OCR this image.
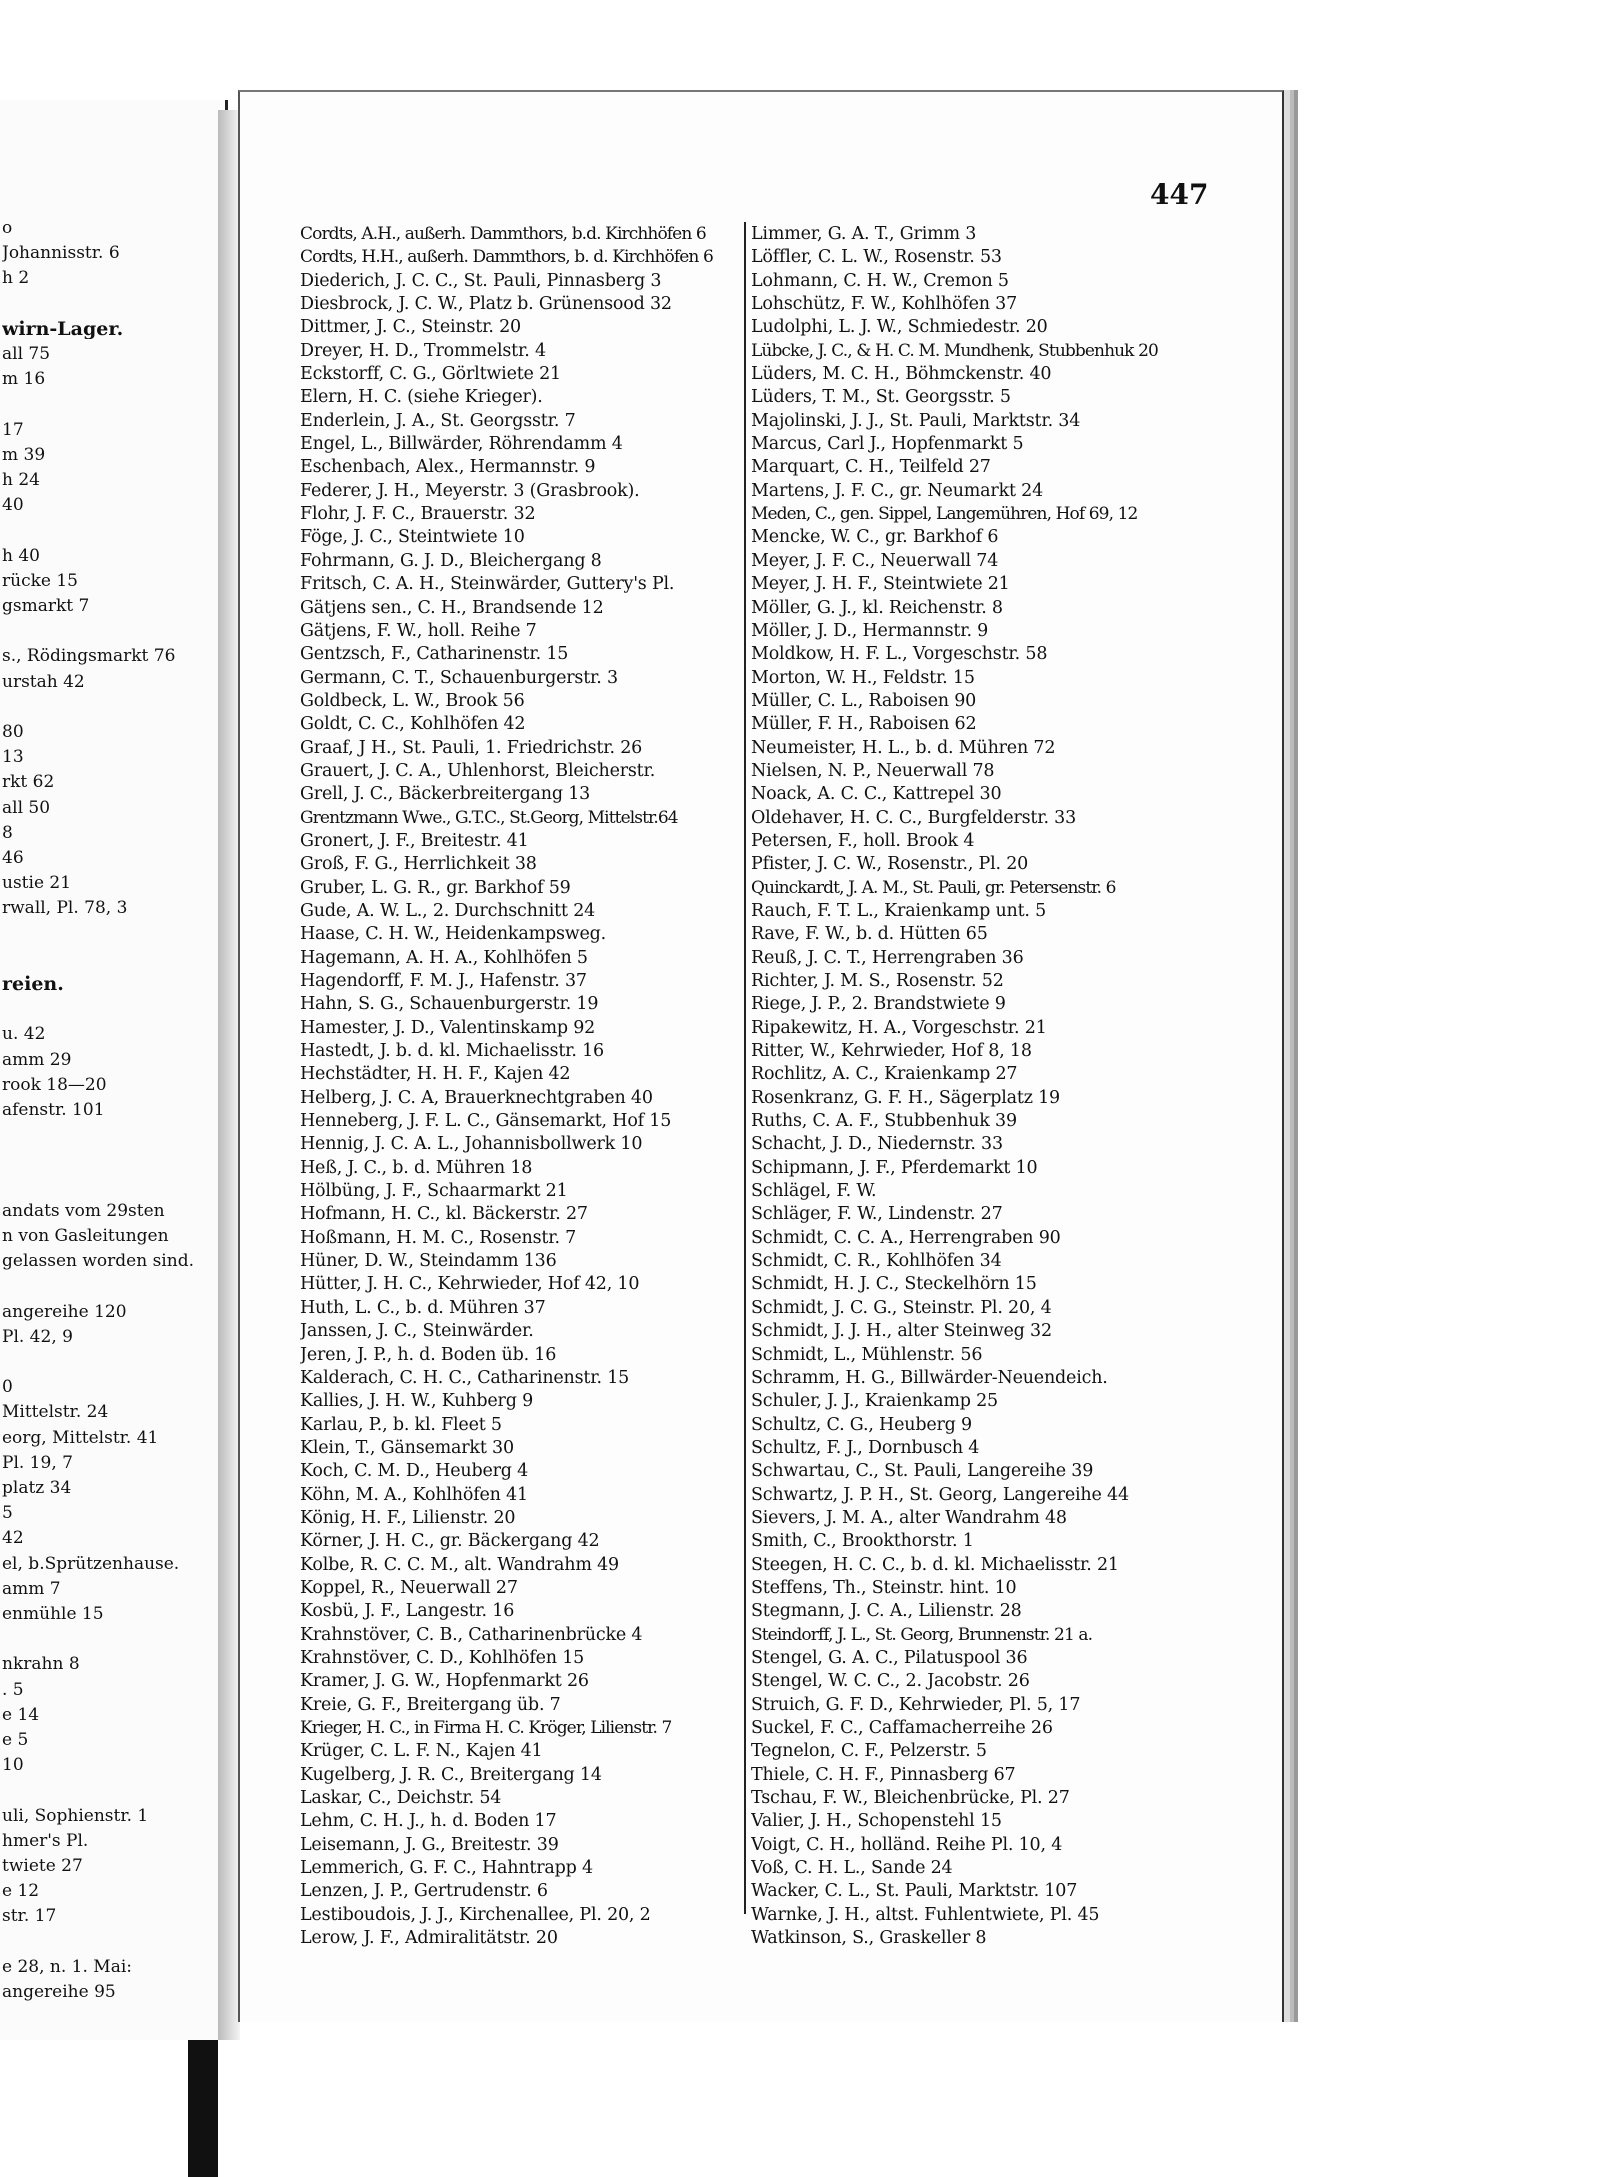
o
Johannisstr. 6
h 2
wirn-Lager.
all 75
m 16
17
m 39
h 24
40
h 40
rücke 15
gsmarkt 7
s., Rödingsmarkt 76
urstah 42
80
13
rkt 62
all 50
8
46
ustie 21
rwall, Pl. 78, 3
reien.
u. 42
amm 29
rook 18—20
afenstr. 101
andats vom 29sten
n von Gasleitungen
gelassen worden sind.
angereihe 120
Pl. 42, 9
0
Mittelstr. 24
eorg, Mittelstr. 41
Pl. 19, 7
platz 34
5
42
el, b.Sprützenhause.
amm 7
enmühle 15
nkrahn 8
. 5
e 14
e 5
10
uli, Sophienstr. 1
hmer's Pl.
twiete 27
e 12
str. 17
e 28, n. 1. Mai:
angereihe 95
447
Cordts, A.H., außerh. Dammthors, b.d. Kirchhöfen 6
Cordts, H.H., außerh. Dammthors, b. d. Kirchhöfen 6
Diederich, J. C. C., St. Pauli, Pinnasberg 3
Diesbrock, J. C. W., Platz b. Grünensood 32
Dittmer, J. C., Steinstr. 20
Dreyer, H. D., Trommelstr. 4
Eckstorff, C. G., Görltwiete 21
Elern, H. C. (siehe Krieger).
Enderlein, J. A., St. Georgsstr. 7
Engel, L., Billwärder, Röhrendamm 4
Eschenbach, Alex., Hermannstr. 9
Federer, J. H., Meyerstr. 3 (Grasbrook).
Flohr, J. F. C., Brauerstr. 32
Föge, J. C., Steintwiete 10
Fohrmann, G. J. D., Bleichergang 8
Fritsch, C. A. H., Steinwärder, Guttery's Pl.
Gätjens sen., C. H., Brandsende 12
Gätjens, F. W., holl. Reihe 7
Gentzsch, F., Catharinenstr. 15
Germann, C. T., Schauenburgerstr. 3
Goldbeck, L. W., Brook 56
Goldt, C. C., Kohlhöfen 42
Graaf, J H., St. Pauli, 1. Friedrichstr. 26
Grauert, J. C. A., Uhlenhorst, Bleicherstr.
Grell, J. C., Bäckerbreitergang 13
Grentzmann Wwe., G.T.C., St.Georg, Mittelstr.64
Gronert, J. F., Breitestr. 41
Groß, F. G., Herrlichkeit 38
Gruber, L. G. R., gr. Barkhof 59
Gude, A. W. L., 2. Durchschnitt 24
Haase, C. H. W., Heidenkampsweg.
Hagemann, A. H. A., Kohlhöfen 5
Hagendorff, F. M. J., Hafenstr. 37
Hahn, S. G., Schauenburgerstr. 19
Hamester, J. D., Valentinskamp 92
Hastedt, J. b. d. kl. Michaelisstr. 16
Hechstädter, H. H. F., Kajen 42
Helberg, J. C. A, Brauerknechtgraben 40
Henneberg, J. F. L. C., Gänsemarkt, Hof 15
Hennig, J. C. A. L., Johannisbollwerk 10
Heß, J. C., b. d. Mühren 18
Hölbüng, J. F., Schaarmarkt 21
Hofmann, H. C., kl. Bäckerstr. 27
Hoßmann, H. M. C., Rosenstr. 7
Hüner, D. W., Steindamm 136
Hütter, J. H. C., Kehrwieder, Hof 42, 10
Huth, L. C., b. d. Mühren 37
Janssen, J. C., Steinwärder.
Jeren, J. P., h. d. Boden üb. 16
Kalderach, C. H. C., Catharinenstr. 15
Kallies, J. H. W., Kuhberg 9
Karlau, P., b. kl. Fleet 5
Klein, T., Gänsemarkt 30
Koch, C. M. D., Heuberg 4
Köhn, M. A., Kohlhöfen 41
König, H. F., Lilienstr. 20
Körner, J. H. C., gr. Bäckergang 42
Kolbe, R. C. C. M., alt. Wandrahm 49
Koppel, R., Neuerwall 27
Kosbü, J. F., Langestr. 16
Krahnstöver, C. B., Catharinenbrücke 4
Krahnstöver, C. D., Kohlhöfen 15
Kramer, J. G. W., Hopfenmarkt 26
Kreie, G. F., Breitergang üb. 7
Krieger, H. C., in Firma H. C. Kröger, Lilienstr. 7
Krüger, C. L. F. N., Kajen 41
Kugelberg, J. R. C., Breitergang 14
Laskar, C., Deichstr. 54
Lehm, C. H. J., h. d. Boden 17
Leisemann, J. G., Breitestr. 39
Lemmerich, G. F. C., Hahntrapp 4
Lenzen, J. P., Gertrudenstr. 6
Lestiboudois, J. J., Kirchenallee, Pl. 20, 2
Lerow, J. F., Admiralitätstr. 20
Limmer, G. A. T., Grimm 3
Löffler, C. L. W., Rosenstr. 53
Lohmann, C. H. W., Cremon 5
Lohschütz, F. W., Kohlhöfen 37
Ludolphi, L. J. W., Schmiedestr. 20
Lübcke, J. C., & H. C. M. Mundhenk, Stubbenhuk 20
Lüders, M. C. H., Böhmckenstr. 40
Lüders, T. M., St. Georgsstr. 5
Majolinski, J. J., St. Pauli, Marktstr. 34
Marcus, Carl J., Hopfenmarkt 5
Marquart, C. H., Teilfeld 27
Martens, J. F. C., gr. Neumarkt 24
Meden, C., gen. Sippel, Langemühren, Hof 69, 12
Mencke, W. C., gr. Barkhof 6
Meyer, J. F. C., Neuerwall 74
Meyer, J. H. F., Steintwiete 21
Möller, G. J., kl. Reichenstr. 8
Möller, J. D., Hermannstr. 9
Moldkow, H. F. L., Vorgeschstr. 58
Morton, W. H., Feldstr. 15
Müller, C. L., Raboisen 90
Müller, F. H., Raboisen 62
Neumeister, H. L., b. d. Mühren 72
Nielsen, N. P., Neuerwall 78
Noack, A. C. C., Kattrepel 30
Oldehaver, H. C. C., Burgfelderstr. 33
Petersen, F., holl. Brook 4
Pfister, J. C. W., Rosenstr., Pl. 20
Quinckardt, J. A. M., St. Pauli, gr. Petersenstr. 6
Rauch, F. T. L., Kraienkamp unt. 5
Rave, F. W., b. d. Hütten 65
Reuß, J. C. T., Herrengraben 36
Richter, J. M. S., Rosenstr. 52
Riege, J. P., 2. Brandstwiete 9
Ripakewitz, H. A., Vorgeschstr. 21
Ritter, W., Kehrwieder, Hof 8, 18
Rochlitz, A. C., Kraienkamp 27
Rosenkranz, G. F. H., Sägerplatz 19
Ruths, C. A. F., Stubbenhuk 39
Schacht, J. D., Niedernstr. 33
Schipmann, J. F., Pferdemarkt 10
Schlägel, F. W.
Schläger, F. W., Lindenstr. 27
Schmidt, C. C. A., Herrengraben 90
Schmidt, C. R., Kohlhöfen 34
Schmidt, H. J. C., Steckelhörn 15
Schmidt, J. C. G., Steinstr. Pl. 20, 4
Schmidt, J. J. H., alter Steinweg 32
Schmidt, L., Mühlenstr. 56
Schramm, H. G., Billwärder-Neuendeich.
Schuler, J. J., Kraienkamp 25
Schultz, C. G., Heuberg 9
Schultz, F. J., Dornbusch 4
Schwartau, C., St. Pauli, Langereihe 39
Schwartz, J. P. H., St. Georg, Langereihe 44
Sievers, J. M. A., alter Wandrahm 48
Smith, C., Brookthorstr. 1
Steegen, H. C. C., b. d. kl. Michaelisstr. 21
Steffens, Th., Steinstr. hint. 10
Stegmann, J. C. A., Lilienstr. 28
Steindorff, J. L., St. Georg, Brunnenstr. 21 a.
Stengel, G. A. C., Pilatuspool 36
Stengel, W. C. C., 2. Jacobstr. 26
Struich, G. F. D., Kehrwieder, Pl. 5, 17
Suckel, F. C., Caffamacherreihe 26
Tegnelon, C. F., Pelzerstr. 5
Thiele, C. H. F., Pinnasberg 67
Tschau, F. W., Bleichenbrücke, Pl. 27
Valier, J. H., Schopenstehl 15
Voigt, C. H., holländ. Reihe Pl. 10, 4
Voß, C. H. L., Sande 24
Wacker, C. L., St. Pauli, Marktstr. 107
Warnke, J. H., altst. Fuhlentwiete, Pl. 45
Watkinson, S., Graskeller 8
